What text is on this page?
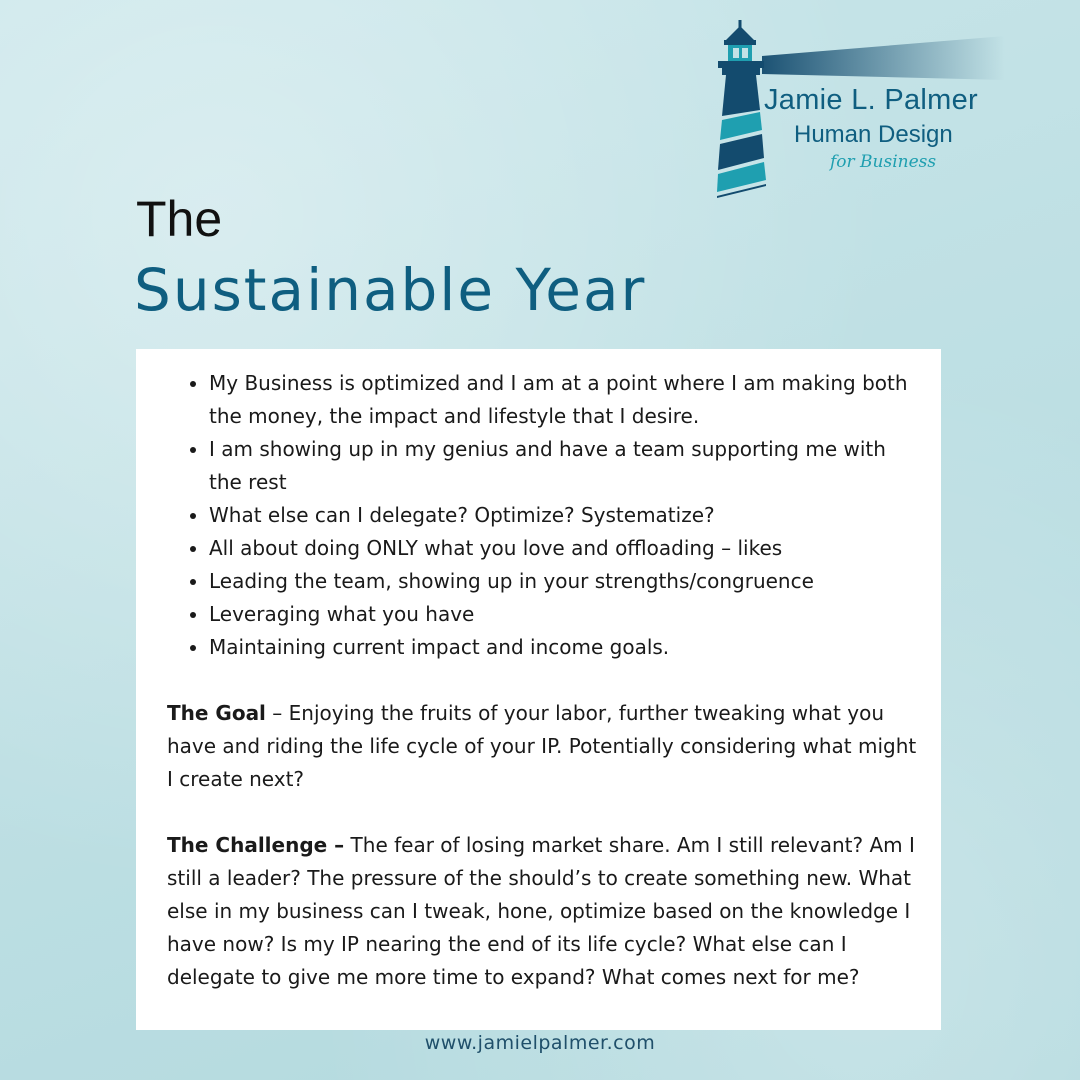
Jamie L. Palmer
Human Design
for Business
The
Sustainable Year
• My Business is optimized and I am at a point where I am making both the money, the impact and lifestyle that I desire.
• I am showing up in my genius and have a team supporting me with the rest
• What else can I delegate? Optimize? Systematize?
• All about doing ONLY what you love and offloading – likes
• Leading the team, showing up in your strengths/congruence
• Leveraging what you have
• Maintaining current impact and income goals.

The Goal – Enjoying the fruits of your labor, further tweaking what you have and riding the life cycle of your IP. Potentially considering what might I create next?

The Challenge – The fear of losing market share. Am I still relevant? Am I still a leader? The pressure of the should’s to create something new. What else in my business can I tweak, hone, optimize based on the knowledge I have now? Is my IP nearing the end of its life cycle? What else can I delegate to give me more time to expand? What comes next for me?

www.jamielpalmer.com
